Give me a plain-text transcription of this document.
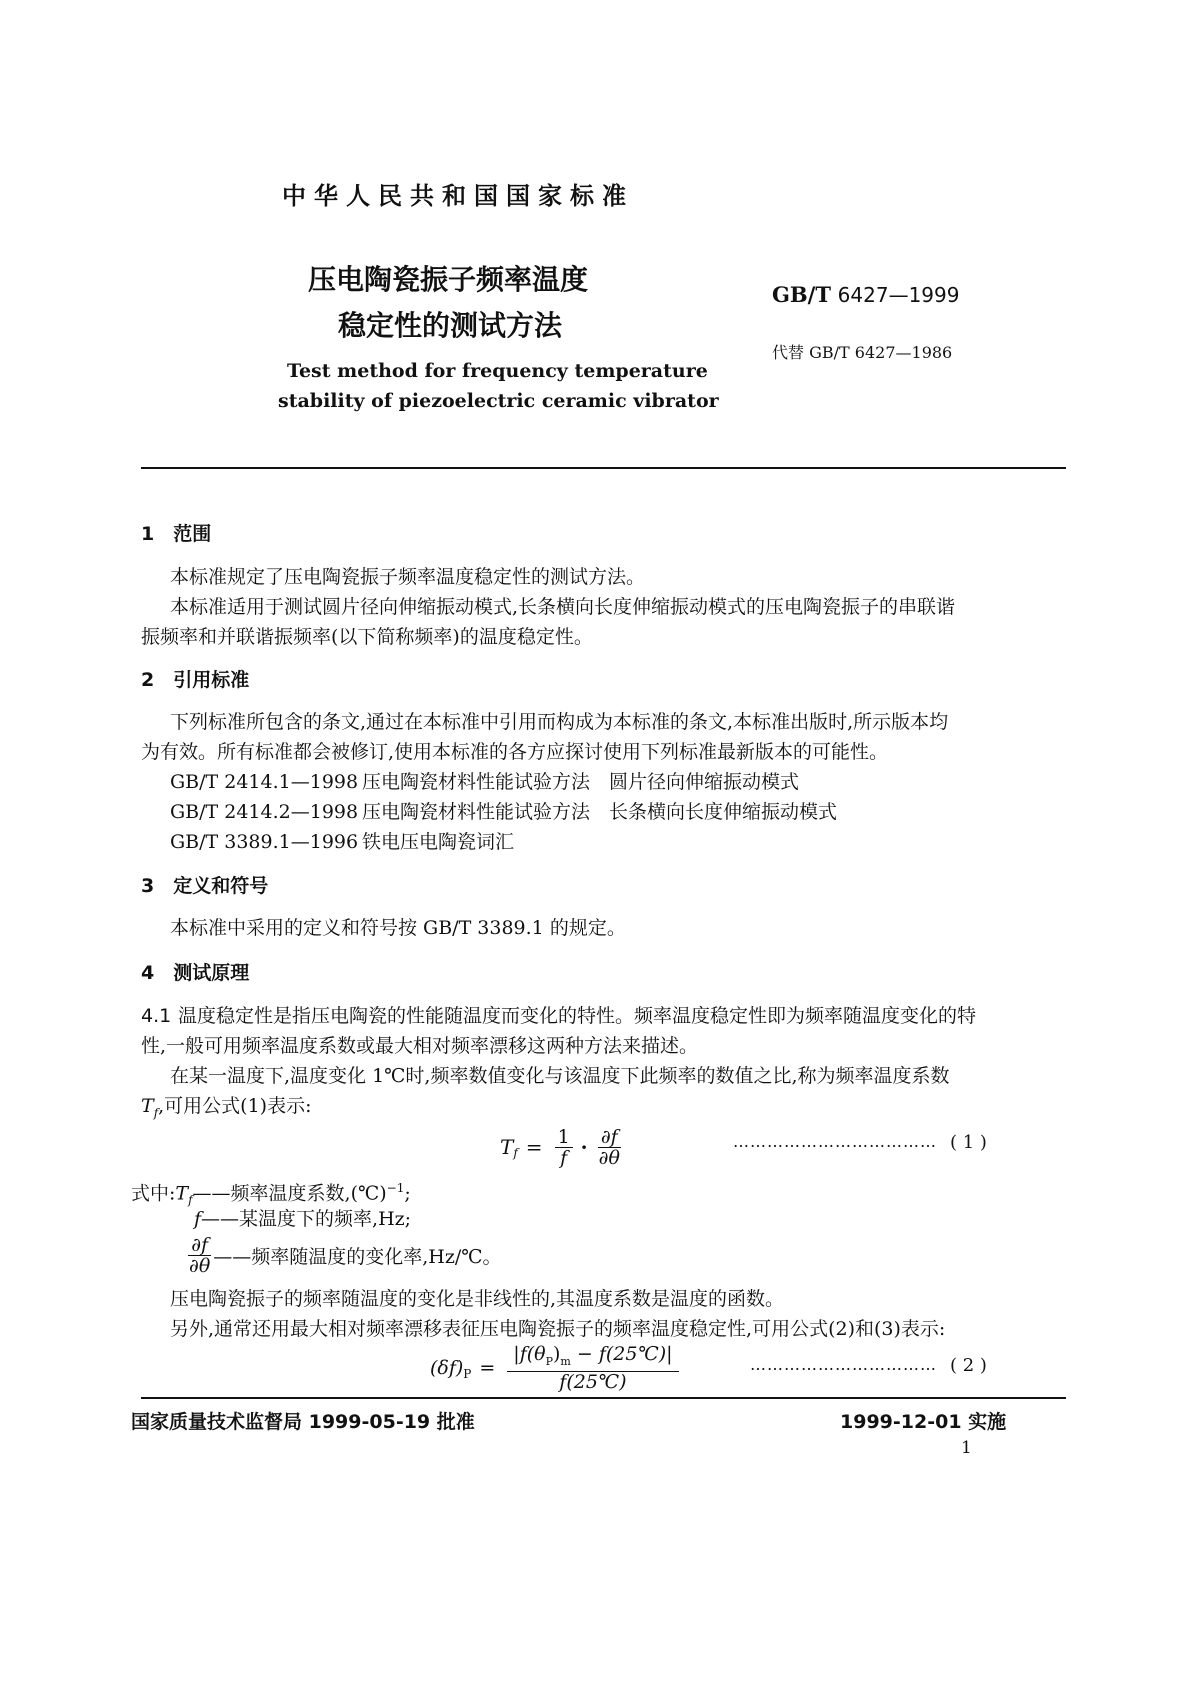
中华人民共和国国家标准
压电陶瓷振子频率温度
稳定性的测试方法
GB/T 6427—1999
代替 GB/T 6427—1986
Test method for frequency temperature
stability of piezoelectric ceramic vibrator
1　范围
本标准规定了压电陶瓷振子频率温度稳定性的测试方法。
本标准适用于测试圆片径向伸缩振动模式,长条横向长度伸缩振动模式的压电陶瓷振子的串联谐
振频率和并联谐振频率(以下简称频率)的温度稳定性。
2　引用标准
下列标准所包含的条文,通过在本标准中引用而构成为本标准的条文,本标准出版时,所示版本均
为有效。所有标准都会被修订,使用本标准的各方应探讨使用下列标准最新版本的可能性。
GB/T 2414.1—1998 压电陶瓷材料性能试验方法　圆片径向伸缩振动模式
GB/T 2414.2—1998 压电陶瓷材料性能试验方法　长条横向长度伸缩振动模式
GB/T 3389.1—1996 铁电压电陶瓷词汇
3　定义和符号
本标准中采用的定义和符号按 GB/T 3389.1 的规定。
4　测试原理
4.1 温度稳定性是指压电陶瓷的性能随温度而变化的特性。频率温度稳定性即为频率随温度变化的特
性,一般可用频率温度系数或最大相对频率漂移这两种方法来描述。
在某一温度下,温度变化 1℃时,频率数值变化与该温度下此频率的数值之比,称为频率温度系数
$T_f$,可用公式(1)表示:
$T_f = \frac{1}{f} \cdot \frac{\partial f}{\partial\theta}$	……………………………… ( 1 )
式中$:T_f——$频率温度系数,(℃)$^{-1}$;
f——某温度下的频率,Hz;
$\frac{\partial f}{\partial\theta}$ ——频率随温度的变化率,Hz/℃。
压电陶瓷振子的频率随温度的变化是非线性的,其温度系数是温度的函数。
另外,通常还用最大相对频率漂移表征压电陶瓷振子的频率温度稳定性,可用公式(2)和(3)表示:
$(\delta f)_P = \frac{|f(\theta_P)_m - f(25℃)|}{f(25℃)}$	…………………………… ( 2 )
国家质量技术监督局 1999-05-19 批准	1999-12-01 实施
1
